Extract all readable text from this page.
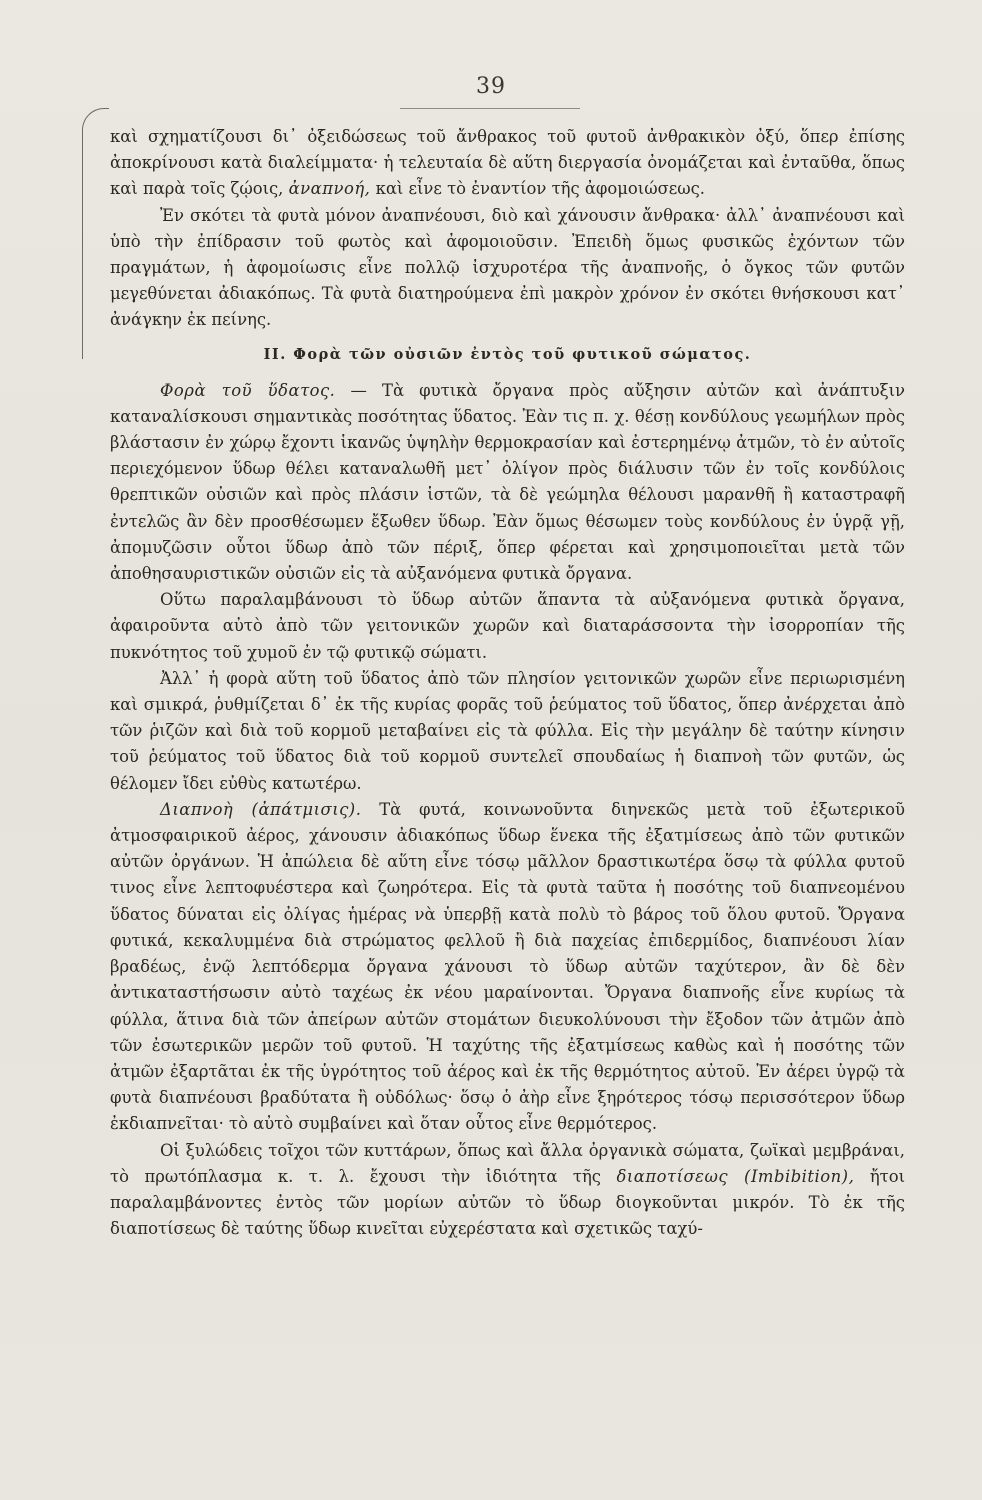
39

καὶ σχηματίζουσι δι᾿ ὀξειδώσεως τοῦ ἄνθρακος τοῦ φυτοῦ ἀνθρακικὸν ὀξύ, ὅπερ ἐπίσης ἀποκρίνουσι κατὰ διαλείμματα· ἡ τελευταία δὲ αὕτη διεργασία ὀνομάζεται καὶ ἐνταῦθα, ὅπως καὶ παρὰ τοῖς ζῴοις, ἀναπνοή, καὶ εἶνε τὸ ἐναντίον τῆς ἀφομοιώσεως.

Ἐν σκότει τὰ φυτὰ μόνον ἀναπνέουσι, διὸ καὶ χάνουσιν ἄνθρακα· ἀλλ᾿ ἀναπνέουσι καὶ ὑπὸ τὴν ἐπίδρασιν τοῦ φωτὸς καὶ ἀφομοιοῦσιν. Ἐπειδὴ ὅμως φυσικῶς ἐχόντων τῶν πραγμάτων, ἡ ἀφομοίωσις εἶνε πολλῷ ἰσχυροτέρα τῆς ἀναπνοῆς, ὁ ὄγκος τῶν φυτῶν μεγεθύνεται ἀδιακόπως. Τὰ φυτὰ διατηρούμενα ἐπὶ μακρὸν χρόνον ἐν σκότει θνήσκουσι κατ᾿ ἀνάγκην ἐκ πείνης.

II. Φορὰ τῶν οὐσιῶν ἐντὸς τοῦ φυτικοῦ σώματος.

Φορὰ τοῦ ὕδατος. — Τὰ φυτικὰ ὄργανα πρὸς αὔξησιν αὐτῶν καὶ ἀνάπτυξιν καταναλίσκουσι σημαντικὰς ποσότητας ὕδατος. Ἐὰν τις π. χ. θέσῃ κονδύλους γεωμήλων πρὸς βλάστασιν ἐν χώρῳ ἔχοντι ἱκανῶς ὑψηλὴν θερμοκρασίαν καὶ ἐστερημένῳ ἀτμῶν, τὸ ἐν αὐτοῖς περιεχόμενον ὕδωρ θέλει καταναλωθῆ μετ᾿ ὀλίγον πρὸς διάλυσιν τῶν ἐν τοῖς κονδύλοις θρεπτικῶν οὐσιῶν καὶ πρὸς πλάσιν ἱστῶν, τὰ δὲ γεώμηλα θέλουσι μαρανθῆ ἢ καταστραφῆ ἐντελῶς ἂν δὲν προσθέσωμεν ἔξωθεν ὕδωρ. Ἐὰν ὅμως θέσωμεν τοὺς κονδύλους ἐν ὑγρᾷ γῇ, ἀπομυζῶσιν οὗτοι ὕδωρ ἀπὸ τῶν πέριξ, ὅπερ φέρεται καὶ χρησιμοποιεῖται μετὰ τῶν ἀποθησαυριστικῶν οὐσιῶν εἰς τὰ αὐξανόμενα φυτικὰ ὄργανα.

Οὕτω παραλαμβάνουσι τὸ ὕδωρ αὐτῶν ἅπαντα τὰ αὐξανόμενα φυτικὰ ὄργανα, ἀφαιροῦντα αὐτὸ ἀπὸ τῶν γειτονικῶν χωρῶν καὶ διαταράσσοντα τὴν ἰσορροπίαν τῆς πυκνότητος τοῦ χυμοῦ ἐν τῷ φυτικῷ σώματι.

Ἀλλ᾿ ἡ φορὰ αὕτη τοῦ ὕδατος ἀπὸ τῶν πλησίον γειτονικῶν χωρῶν εἶνε περιωρισμένη καὶ σμικρά, ῥυθμίζεται δ᾿ ἐκ τῆς κυρίας φορᾶς τοῦ ῥεύματος τοῦ ὕδατος, ὅπερ ἀνέρχεται ἀπὸ τῶν ῥιζῶν καὶ διὰ τοῦ κορμοῦ μεταβαίνει εἰς τὰ φύλλα. Εἰς τὴν μεγάλην δὲ ταύτην κίνησιν τοῦ ῥεύματος τοῦ ὕδατος διὰ τοῦ κορμοῦ συντελεῖ σπουδαίως ἡ διαπνοὴ τῶν φυτῶν, ὡς θέλομεν ἴδει εὐθὺς κατωτέρω.

Διαπνοὴ (ἀπάτμισις). Τὰ φυτά, κοινωνοῦντα διηνεκῶς μετὰ τοῦ ἐξωτερικοῦ ἀτμοσφαιρικοῦ ἀέρος, χάνουσιν ἀδιακόπως ὕδωρ ἕνεκα τῆς ἐξατμίσεως ἀπὸ τῶν φυτικῶν αὐτῶν ὀργάνων. Ἡ ἀπώλεια δὲ αὕτη εἶνε τόσῳ μᾶλλον δραστικωτέρα ὅσῳ τὰ φύλλα φυτοῦ τινος εἶνε λεπτοφυέστερα καὶ ζωηρότερα. Εἰς τὰ φυτὰ ταῦτα ἡ ποσότης τοῦ διαπνεομένου ὕδατος δύναται εἰς ὀλίγας ἡμέρας νὰ ὑπερβῇ κατὰ πολὺ τὸ βάρος τοῦ ὅλου φυτοῦ. Ὄργανα φυτικά, κεκαλυμμένα διὰ στρώματος φελλοῦ ἢ διὰ παχείας ἐπιδερμίδος, διαπνέουσι λίαν βραδέως, ἐνῷ λεπτόδερμα ὄργανα χάνουσι τὸ ὕδωρ αὐτῶν ταχύτερον, ἂν δὲ δὲν ἀντικαταστήσωσιν αὐτὸ ταχέως ἐκ νέου μαραίνονται. Ὄργανα διαπνοῆς εἶνε κυρίως τὰ φύλλα, ἅτινα διὰ τῶν ἀπείρων αὐτῶν στομάτων διευκολύνουσι τὴν ἔξοδον τῶν ἀτμῶν ἀπὸ τῶν ἐσωτερικῶν μερῶν τοῦ φυτοῦ. Ἡ ταχύτης τῆς ἐξατμίσεως καθὼς καὶ ἡ ποσότης τῶν ἀτμῶν ἐξαρτᾶται ἐκ τῆς ὑγρότητος τοῦ ἀέρος καὶ ἐκ τῆς θερμότητος αὐτοῦ. Ἐν ἀέρει ὑγρῷ τὰ φυτὰ διαπνέουσι βραδύτατα ἢ οὐδόλως· ὅσῳ ὁ ἀὴρ εἶνε ξηρότερος τόσῳ περισσότερον ὕδωρ ἐκδιαπνεῖται· τὸ αὐτὸ συμβαίνει καὶ ὅταν οὗτος εἶνε θερμότερος.

Οἱ ξυλώδεις τοῖχοι τῶν κυττάρων, ὅπως καὶ ἄλλα ὀργανικὰ σώματα, ζωϊκαὶ μεμβράναι, τὸ πρωτόπλασμα κ. τ. λ. ἔχουσι τὴν ἰδιότητα τῆς διαποτίσεως (Imbibition), ἤτοι παραλαμβάνοντες ἐντὸς τῶν μορίων αὐτῶν τὸ ὕδωρ διογκοῦνται μικρόν. Τὸ ἐκ τῆς διαποτίσεως δὲ ταύτης ὕδωρ κινεῖται εὐχερέστατα καὶ σχετικῶς ταχύ-
